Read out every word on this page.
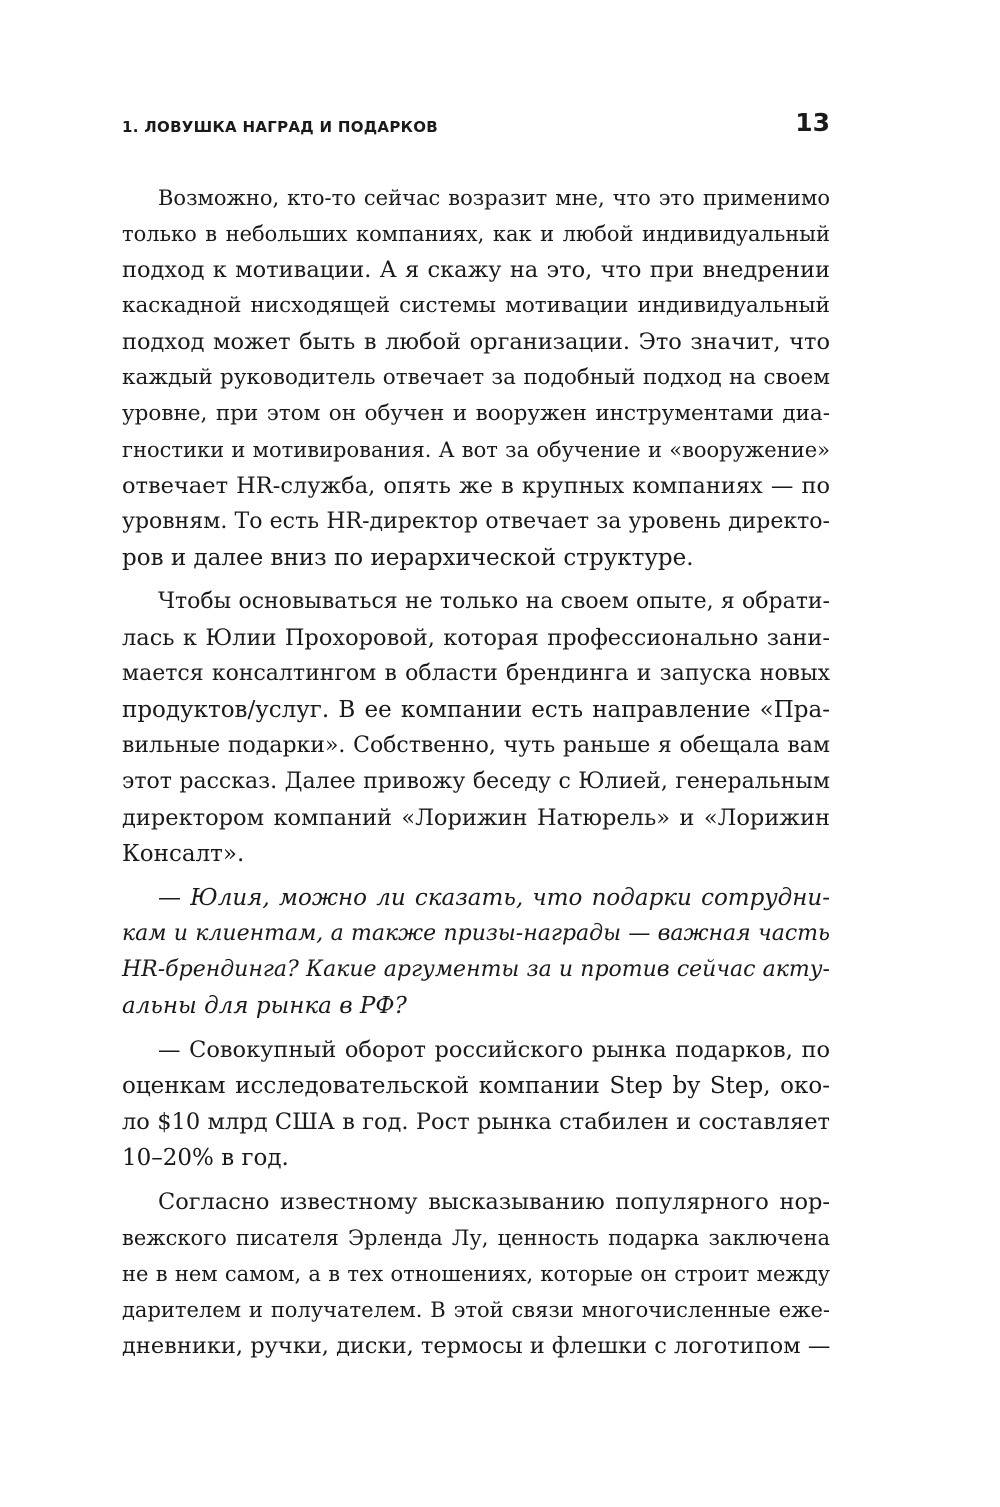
1. ЛОВУШКА НАГРАД И ПОДАРКОВ	13
Возможно, кто-то сейчас возразит мне, что это применимо
только в небольших компаниях, как и любой индивидуальный
подход к мотивации. А я скажу на это, что при внедрении
каскадной нисходящей системы мотивации индивидуальный
подход может быть в любой организации. Это значит, что
каждый руководитель отвечает за подобный подход на своем
уровне, при этом он обучен и вооружен инструментами диа-
гностики и мотивирования. А вот за обучение и «вооружение»
отвечает HR-служба, опять же в крупных компаниях — по
уровням. То есть HR-директор отвечает за уровень директо-
ров и далее вниз по иерархической структуре.
Чтобы основываться не только на своем опыте, я обрати-
лась к Юлии Прохоровой, которая профессионально зани-
мается консалтингом в области брендинга и запуска новых
продуктов/услуг. В ее компании есть направление «Пра-
вильные подарки». Собственно, чуть раньше я обещала вам
этот рассказ. Далее привожу беседу с Юлией, генеральным
директором компаний «Лорижин Натюрель» и «Лорижин
Консалт».
— Юлия, можно ли сказать, что подарки сотрудни-
кам и клиентам, а также призы-награды — важная часть
HR-брендинга? Какие аргументы за и против сейчас акту-
альны для рынка в РФ?
— Совокупный оборот российского рынка подарков, по
оценкам исследовательской компании Step by Step, око-
ло $10 млрд США в год. Рост рынка стабилен и составляет
10–20% в год.
Согласно известному высказыванию популярного нор-
вежского писателя Эрленда Лу, ценность подарка заключена
не в нем самом, а в тех отношениях, которые он строит между
дарителем и получателем. В этой связи многочисленные еже-
дневники, ручки, диски, термосы и флешки с логотипом —
